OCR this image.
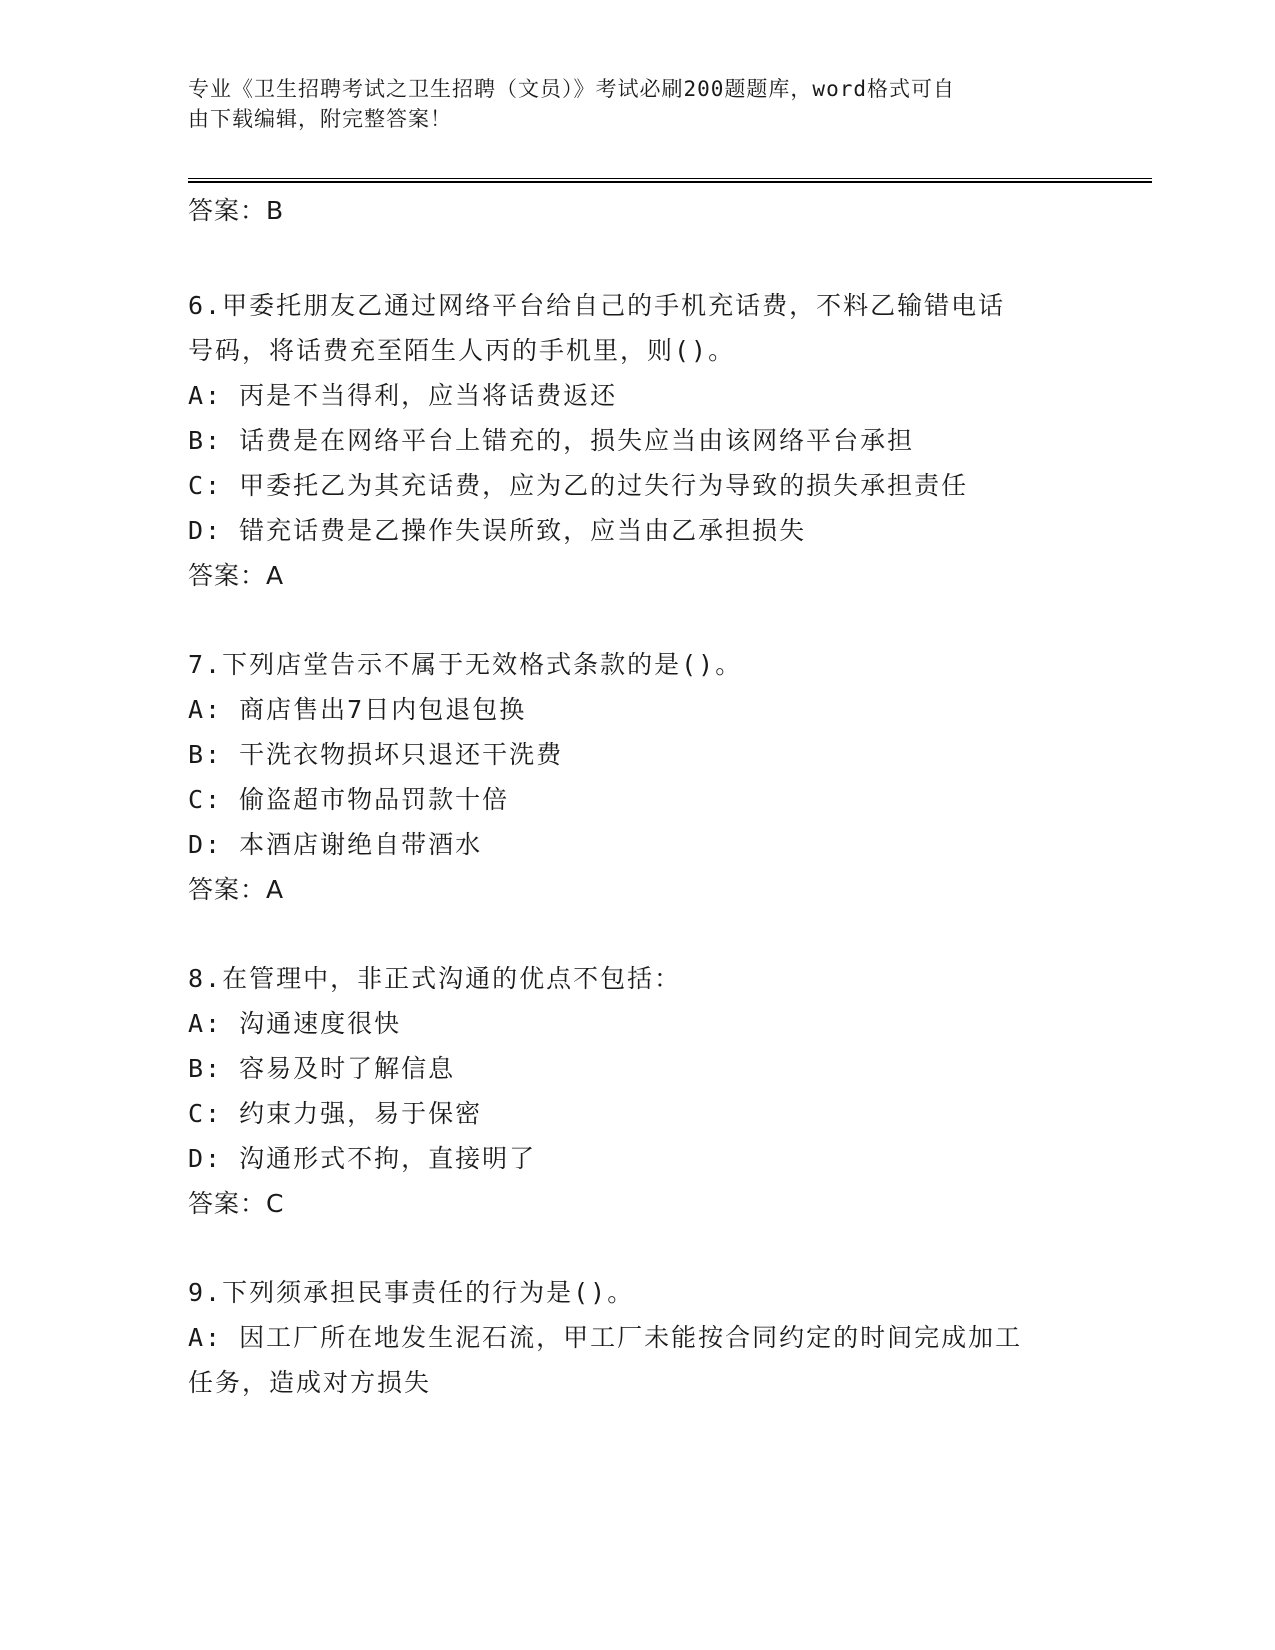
专业《卫生招聘考试之卫生招聘（文员）》考试必刷200题题库，word格式可自
由下载编辑，附完整答案！
答案：B
6.甲委托朋友乙通过网络平台给自己的手机充话费，不料乙输错电话
号码，将话费充至陌生人丙的手机里，则()。
A: 丙是不当得利，应当将话费返还
B: 话费是在网络平台上错充的，损失应当由该网络平台承担
C: 甲委托乙为其充话费，应为乙的过失行为导致的损失承担责任
D: 错充话费是乙操作失误所致，应当由乙承担损失
答案：A
7.下列店堂告示不属于无效格式条款的是()。
A: 商店售出7日内包退包换
B: 干洗衣物损坏只退还干洗费
C: 偷盗超市物品罚款十倍
D: 本酒店谢绝自带酒水
答案：A
8.在管理中，非正式沟通的优点不包括：
A: 沟通速度很快
B: 容易及时了解信息
C: 约束力强，易于保密
D: 沟通形式不拘，直接明了
答案：C
9.下列须承担民事责任的行为是()。
A: 因工厂所在地发生泥石流，甲工厂未能按合同约定的时间完成加工
任务，造成对方损失
